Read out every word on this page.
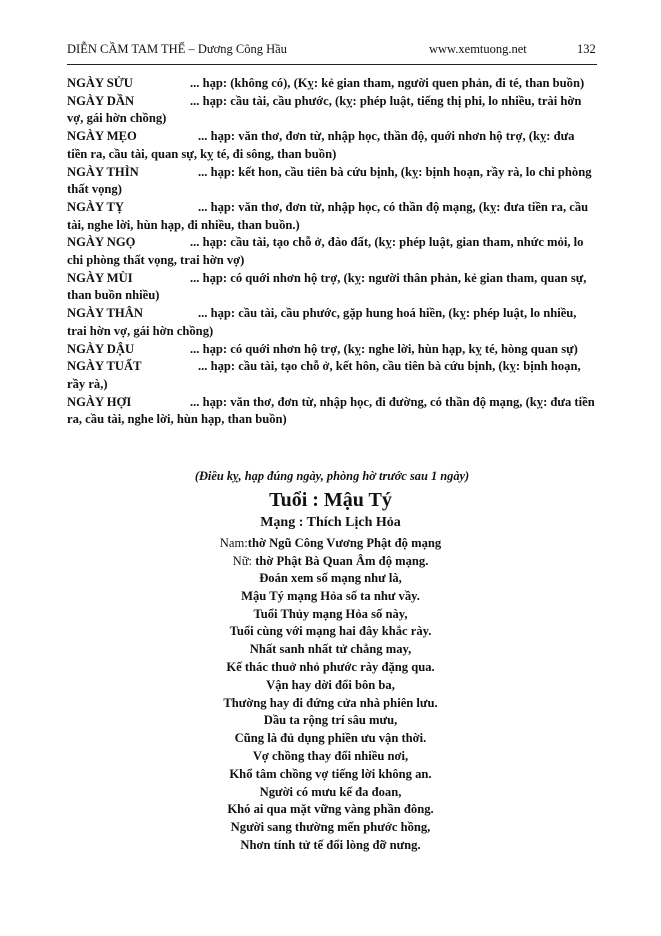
DIỄN CẦM TAM THẾ – Dương Công Hầu	www.xemtuong.net	132
NGÀY SỬU	... hạp: (không có), (Kỵ: kẻ gian tham, người quen phản, đi té, than buồn)
NGÀY DẦN	... hạp: cầu tài, cầu phước, (kỵ: phép luật, tiếng thị phi, lo nhiều, trài hờn vợ, gái hờn chồng)
NGÀY MẸO	... hạp: văn thơ, đơn từ, nhập học, thần độ, quới nhơn hộ trợ, (kỵ: đưa tiền ra, cầu tài, quan sự, kỵ té, đi sông, than buồn)
NGÀY THÌN	... hạp: kết hon, cầu tiên bà cứu bịnh, (kỵ: bịnh hoạn, rầy rà, lo chi phòng thất vọng)
NGÀY TỴ	... hạp: văn thơ, đơn từ, nhập học, có thần độ mạng, (kỵ: đưa tiền ra, cầu tài, nghe lời, hùn hạp, đi nhiều, than buồn.)
NGÀY NGỌ	... hạp: cầu tài, tạo chỗ ở, đào đất, (kỵ: phép luật, gian tham, nhức mỏi, lo chi phòng thất vọng, trai hờn vợ)
NGÀY MÙI	... hạp: có quới nhơn hộ trợ, (kỵ: người thân phản, kẻ gian tham, quan sự, than buồn nhiều)
NGÀY THÂN	... hạp: cầu tài, cầu phước, gặp hung hoá hiền, (kỵ: phép luật, lo nhiều, trai hờn vợ, gái hờn chồng)
NGÀY DẬU	... hạp: có quới nhơn hộ trợ, (kỵ: nghe lời, hùn hạp, kỵ té, hòng quan sự)
NGÀY TUẤT	... hạp: cầu tài, tạo chỗ ở, kết hôn, cầu tiên bà cứu bịnh, (kỵ: bịnh hoạn, rầy rà,)
NGÀY HỢI	... hạp: văn thơ, đơn từ, nhập học, đi đường, có thần độ mạng, (kỵ: đưa tiền ra, cầu tài, nghe lời, hùn hạp, than buồn)
(Điều kỵ, hạp đúng ngày, phòng hờ trước sau 1 ngày)
Tuổi : Mậu Tý
Mạng : Thích Lịch Hỏa
Nam:thờ Ngũ Công Vương Phật độ mạng
Nữ: thờ Phật Bà Quan Âm độ mạng.
Đoán xem số mạng như là,
Mậu Tý mạng Hỏa số ta như vầy.
Tuổi Thủy mạng Hỏa số này,
Tuổi cùng với mạng hai đây khắc rày.
Nhất sanh nhất tử chẳng may,
Kế thác thuở nhỏ phước rày đặng qua.
Vận hay dời đổi bôn ba,
Thường hay đi đứng cửa nhà phiên lưu.
Dầu ta rộng trí sâu mưu,
Cũng là đủ dụng phiền ưu vận thời.
Vợ chồng thay đổi nhiều nơi,
Khổ tâm chồng vợ tiếng lời không an.
Người có mưu kế đa đoan,
Khó ai qua mặt vững vàng phần đông.
Người sang thường mến phước hồng,
Nhơn tính tử tế đổi lòng đỡ nưng.
